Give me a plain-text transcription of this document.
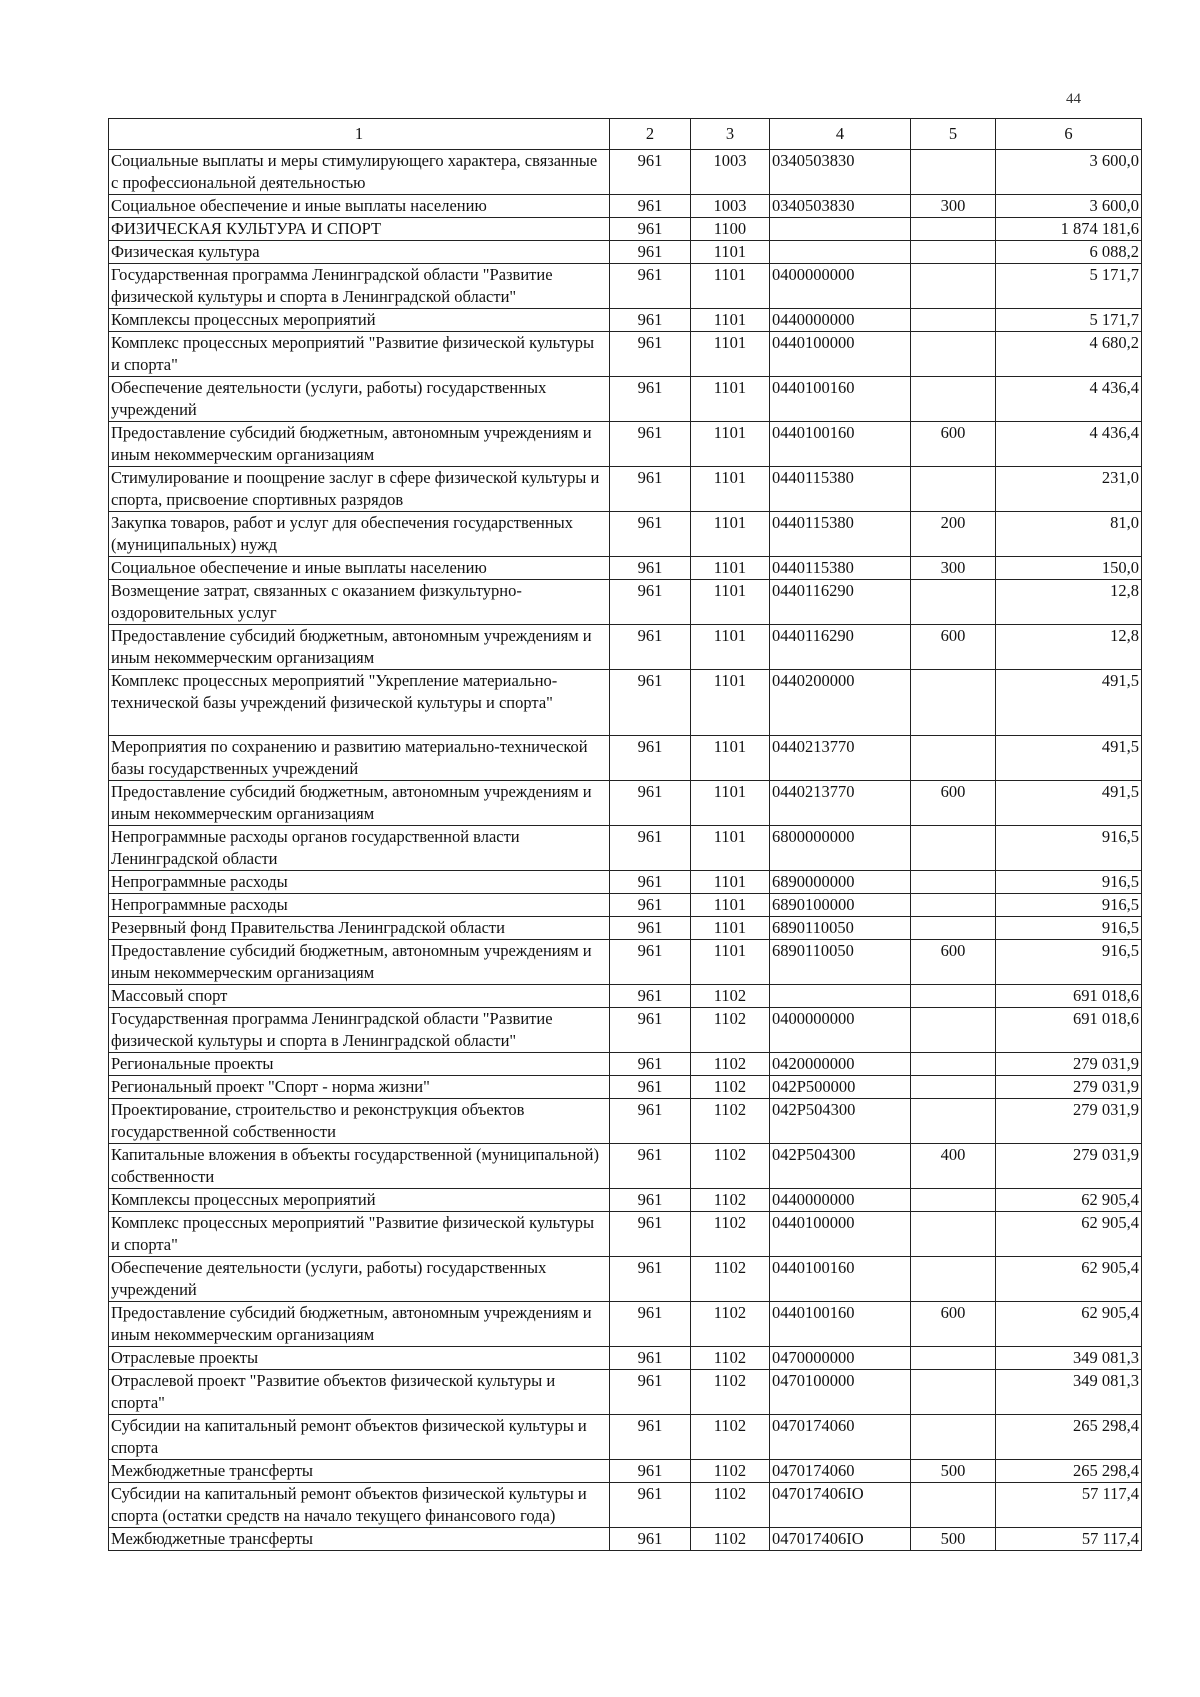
44
1	2	3	4	5	6
Социальные выплаты и меры стимулирующего характера, связанные с профессиональной деятельностью	961	1003	0340503830		3 600,0
Социальное обеспечение и иные выплаты населению	961	1003	0340503830	300	3 600,0
ФИЗИЧЕСКАЯ КУЛЬТУРА И СПОРТ	961	1100			1 874 181,6
Физическая культура	961	1101			6 088,2
Государственная программа Ленинградской области "Развитие физической культуры и спорта в Ленинградской области"	961	1101	0400000000		5 171,7
Комплексы процессных мероприятий	961	1101	0440000000		5 171,7
Комплекс процессных мероприятий "Развитие физической культуры и спорта"	961	1101	0440100000		4 680,2
Обеспечение деятельности (услуги, работы) государственных учреждений	961	1101	0440100160		4 436,4
Предоставление субсидий бюджетным, автономным учреждениям и иным некоммерческим организациям	961	1101	0440100160	600	4 436,4
Стимулирование и поощрение заслуг в сфере физической культуры и спорта, присвоение спортивных разрядов	961	1101	0440115380		231,0
Закупка товаров, работ и услуг для обеспечения государственных (муниципальных) нужд	961	1101	0440115380	200	81,0
Социальное обеспечение и иные выплаты населению	961	1101	0440115380	300	150,0
Возмещение затрат, связанных с оказанием физкультурно-оздоровительных услуг	961	1101	0440116290		12,8
Предоставление субсидий бюджетным, автономным учреждениям и иным некоммерческим организациям	961	1101	0440116290	600	12,8
Комплекс процессных мероприятий "Укрепление материально-технической базы учреждений физической культуры и спорта"	961	1101	0440200000		491,5
Мероприятия по сохранению и развитию материально-технической базы государственных учреждений	961	1101	0440213770		491,5
Предоставление субсидий бюджетным, автономным учреждениям и иным некоммерческим организациям	961	1101	0440213770	600	491,5
Непрограммные расходы органов государственной власти Ленинградской области	961	1101	6800000000		916,5
Непрограммные расходы	961	1101	6890000000		916,5
Непрограммные расходы	961	1101	6890100000		916,5
Резервный фонд Правительства Ленинградской области	961	1101	6890110050		916,5
Предоставление субсидий бюджетным, автономным учреждениям и иным некоммерческим организациям	961	1101	6890110050	600	916,5
Массовый спорт	961	1102			691 018,6
Государственная программа Ленинградской области "Развитие физической культуры и спорта в Ленинградской области"	961	1102	0400000000		691 018,6
Региональные проекты	961	1102	0420000000		279 031,9
Региональный проект "Спорт - норма жизни"	961	1102	042P500000		279 031,9
Проектирование, строительство и реконструкция объектов государственной собственности	961	1102	042P504300		279 031,9
Капитальные вложения в объекты государственной (муниципальной) собственности	961	1102	042P504300	400	279 031,9
Комплексы процессных мероприятий	961	1102	0440000000		62 905,4
Комплекс процессных мероприятий "Развитие физической культуры и спорта"	961	1102	0440100000		62 905,4
Обеспечение деятельности (услуги, работы) государственных учреждений	961	1102	0440100160		62 905,4
Предоставление субсидий бюджетным, автономным учреждениям и иным некоммерческим организациям	961	1102	0440100160	600	62 905,4
Отраслевые проекты	961	1102	0470000000		349 081,3
Отраслевой проект "Развитие объектов физической культуры и спорта"	961	1102	0470100000		349 081,3
Субсидии на капитальный ремонт объектов физической культуры и спорта	961	1102	0470174060		265 298,4
Межбюджетные трансферты	961	1102	0470174060	500	265 298,4
Субсидии на капитальный ремонт объектов физической культуры и спорта (остатки средств на начало текущего финансового года)	961	1102	047017406IO		57 117,4
Межбюджетные трансферты	961	1102	047017406IO	500	57 117,4
